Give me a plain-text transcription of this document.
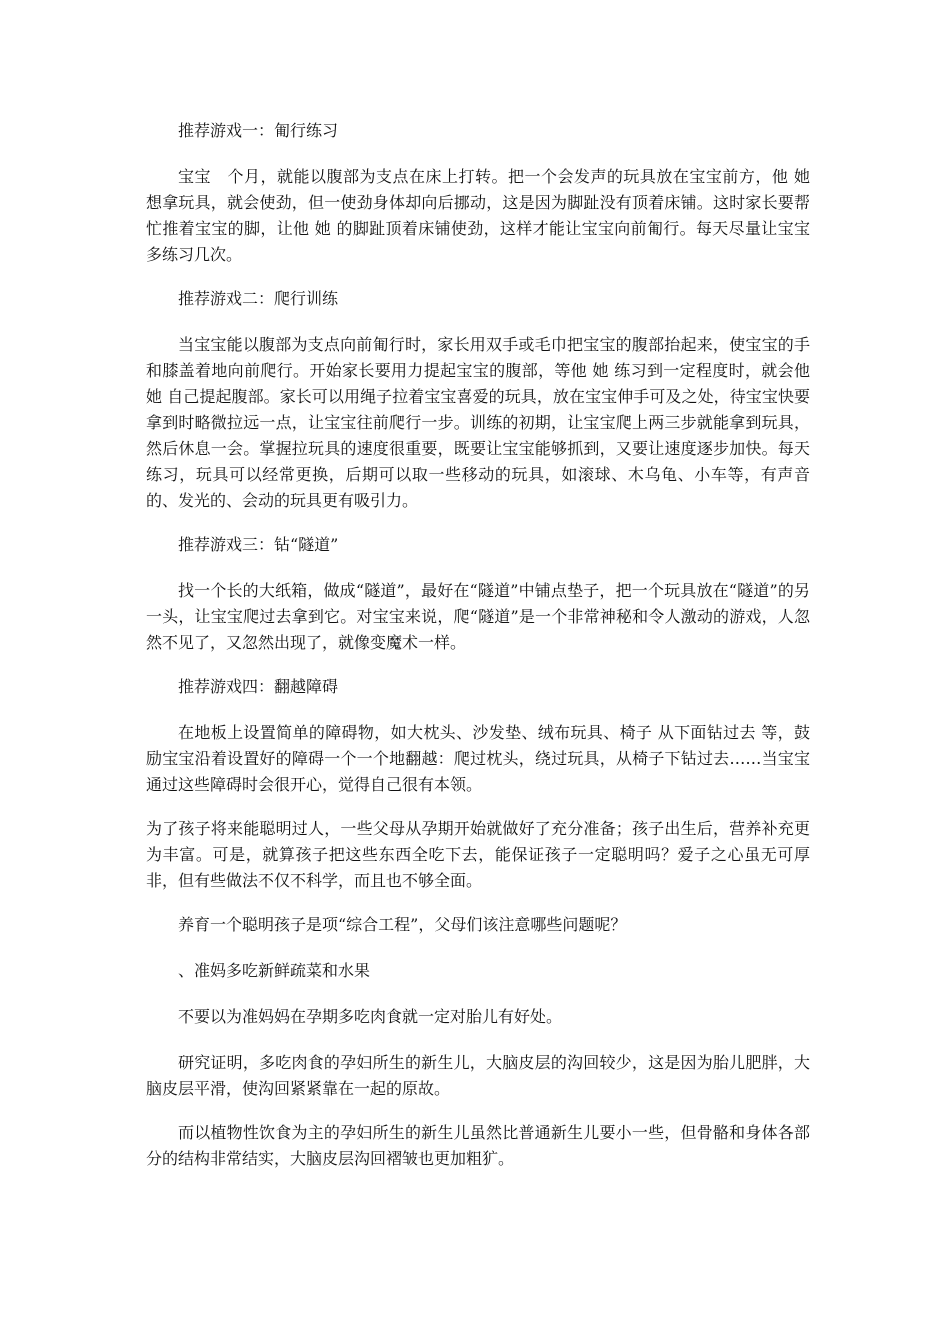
推荐游戏一：匍行练习

宝宝　个月，就能以腹部为支点在床上打转。把一个会发声的玩具放在宝宝前方，他 她 想拿玩具，就会使劲，但一使劲身体却向后挪动，这是因为脚趾没有顶着床铺。这时家长要帮忙推着宝宝的脚，让他 她 的脚趾顶着床铺使劲，这样才能让宝宝向前匍行。每天尽量让宝宝多练习几次。

推荐游戏二：爬行训练

当宝宝能以腹部为支点向前匍行时，家长用双手或毛巾把宝宝的腹部抬起来，使宝宝的手和膝盖着地向前爬行。开始家长要用力提起宝宝的腹部，等他 她 练习到一定程度时，就会他 她 自己提起腹部。家长可以用绳子拉着宝宝喜爱的玩具，放在宝宝伸手可及之处，待宝宝快要拿到时略微拉远一点，让宝宝往前爬行一步。训练的初期，让宝宝爬上两三步就能拿到玩具，然后休息一会。掌握拉玩具的速度很重要，既要让宝宝能够抓到，又要让速度逐步加快。每天练习，玩具可以经常更换，后期可以取一些移动的玩具，如滚球、木乌龟、小车等，有声音的、发光的、会动的玩具更有吸引力。

推荐游戏三：钻“隧道”

找一个长的大纸箱，做成“隧道”，最好在“隧道”中铺点垫子，把一个玩具放在“隧道”的另一头，让宝宝爬过去拿到它。对宝宝来说，爬“隧道”是一个非常神秘和令人激动的游戏，人忽然不见了，又忽然出现了，就像变魔术一样。

推荐游戏四：翻越障碍

在地板上设置简单的障碍物，如大枕头、沙发垫、绒布玩具、椅子 从下面钻过去 等，鼓励宝宝沿着设置好的障碍一个一个地翻越：爬过枕头，绕过玩具，从椅子下钻过去……当宝宝通过这些障碍时会很开心，觉得自己很有本领。

为了孩子将来能聪明过人，一些父母从孕期开始就做好了充分准备；孩子出生后，营养补充更为丰富。可是，就算孩子把这些东西全吃下去，能保证孩子一定聪明吗？爱子之心虽无可厚非，但有些做法不仅不科学，而且也不够全面。

养育一个聪明孩子是项“综合工程”，父母们该注意哪些问题呢？

、准妈多吃新鲜疏菜和水果

不要以为准妈妈在孕期多吃肉食就一定对胎儿有好处。

研究证明，多吃肉食的孕妇所生的新生儿，大脑皮层的沟回较少，这是因为胎儿肥胖，大脑皮层平滑，使沟回紧紧靠在一起的原故。

而以植物性饮食为主的孕妇所生的新生儿虽然比普通新生儿要小一些，但骨骼和身体各部分的结构非常结实，大脑皮层沟回褶皱也更加粗犷。
